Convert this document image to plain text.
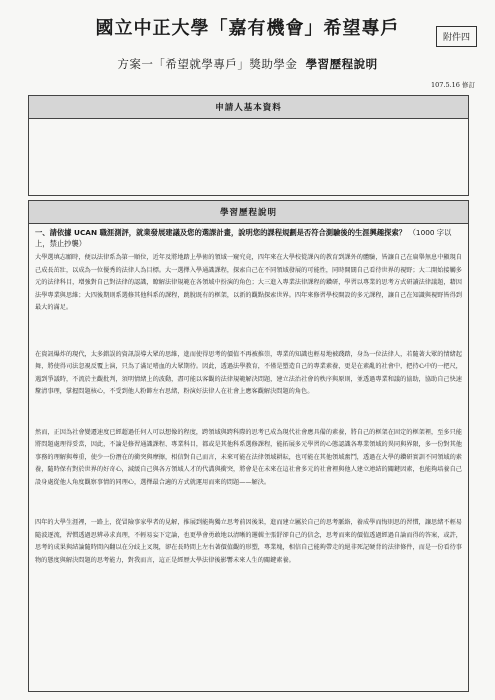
國立中正大學「嘉有機會」希望專戶	附件四
方案一「希望就學專戶」獎助學金 學習歷程說明
107.5.16 修訂
申請人基本資料
學習歷程說明
一、請依據 UCAN 職涯測評，就業發展建議及您的選課計畫，說明您的課程規劃是否符合測驗後的生涯興趣探索？ （1000 字以上，禁止抄襲）

大學選填志願時，便以法律系為第一順位，近年及將地踏上學術的領域一窺究竟，四年來在大學校從課內的教育到課外的體驗，皆讓自己在扁舉無息中顯現自己成長茁壯，以成為一位優秀的法律人為目標。大一選擇入學通識課程，探索自己在不同領域發展的可能性，同時開闊自己看待世界的視野；大二開始接觸多元的法律科目，增強對自己對法律的認識，瞭解法律規範在各領域中扮演的角色；大三進入專業法律課程的鑽研，學習以專業的思考方式研讀法律議題，藉因法學專業與思維；大四後期則系選修其他科系的課程，跳脫既有的框架，以新的觀點探索世界。四年來修習學校開設的多元課程，讓自己在知識與視野皆得到最大的滿足。

在資訊爆炸的現代，太多錯誤的資訊誤導大眾的思維，進而使得思考的價值不再被推崇，專業的知識也輕易地被踐踏，身為一位法律人，若隨著大眾的情緒起舞，將使得司法忽視反覆上演，只為了滿足嗜血的大眾期待。因此，透過法學教育，不僅是塑造自己的專業素養，更是在素亂的社會中，把持心中的一把尺，遇到爭議時，不流於主觀批判，須明情緒上的波動，盡可能以客觀的法律規範解決問題，建立法治社會的秩序與原則，並透過專業和議的協助，協助自己快速釐清事理，掌握問題核心，不受到他人粉飾左右思緒，粉演好法律人在社會上應客觀解決問題的角色。

然而，正因為社會變遷速度已經超過任何人可以想像的程度，跨領域與跨科際的思考已成為現代社會應具備的素養，將自己的框架在固定的框架裡，至多只能將問題處理得妥當，因此，不論是修習通識課程、專業科目，都或是其他科系選修課程，能拓展多元學習的心態認識各專業領域的異同與界限，多一份對其他事務的理解與尊重，使少一份潛在的衝突與摩擦，相信對自己而言，未來可能在法律領域耕耘，也可能在其他領域奮鬥，透過在大學的鑽研實訓不同領域的素養，隨時保有對於世界的好奇心，減緩自己與各方領域人才的代溝與衝突，將會是在未來在這社會多元的社會裡與他人建立連結的關鍵因素，也能夠培養自己設身處從他人角度觀察事情的同理心，選擇最合適的方式就運用而來的問題——解決。

四年的大學生涯裡，一路上，從冒險事家學者的見解，推展到能夠獨立思考前因後果，進而建立屬於自己的思考脈絡，養成學而悔則思的習慣，讓思緒不輕易隨波逐流，習慣透過思辨尋求真理，不輕易妄下定論，也更學會勇敢地以清晰的邏輯主張舒卻自己的信念，思考而來的價值透過經過自論而得的答案，或許，思考的成果與結論隨時間內翻以在分歧上叉現，卻在長時間上左右著價值觀的形塑，專業塊，相信自己能夠帶走的絕非死記硬背的法律條件，而是一份看待事物的態度與解決問題的思考能力，對我而言，這正是經歷大學法律後影響未來人生的關鍵素養。
